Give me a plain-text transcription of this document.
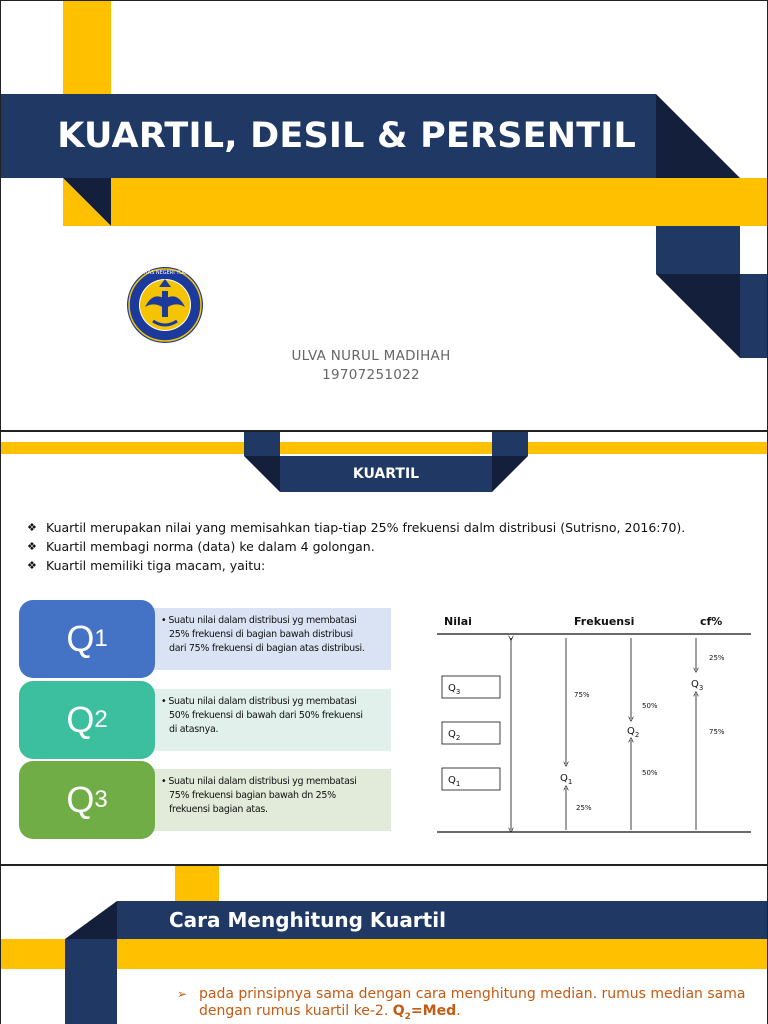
KUARTIL, DESIL & PERSENTIL
UNIVERSITAS NEGERI YOGYAKARTA
ULVA NURUL MADIHAH
19707251022
KUARTIL
❖ Kuartil merupakan nilai yang memisahkan tiap-tiap 25% frekuensi dalm distribusi (Sutrisno, 2016:70).
❖ Kuartil membagi norma (data) ke dalam 4 golongan.
❖ Kuartil memiliki tiga macam, yaitu:
• Suatu nilai dalam distribusi yg membatasi
25% frekuensi di bagian bawah distribusi
dari 75% frekuensi di bagian atas distribusi.
Q 1
• Suatu nilai dalam distribusi yg membatasi
50% frekuensi di bawah dari 50% frekuensi
di atasnya.
Q 2
• Suatu nilai dalam distribusi yg membatasi
75% frekuensi bagian bawah dn 25%
frekuensi bagian atas.
Q 3
Nilai	Frekuensi	cf%
$Q_3$
$Q_2$
$Q_1$	$Q_1$
75%
25%
$Q_2$
50%
50%
$Q_3$
25%
75%
Cara Menghitung Kuartil
➢ pada prinsipnya sama dengan cara menghitung median. rumus median sama
dengan rumus kuartil ke-2. $Q_2=Med$.
